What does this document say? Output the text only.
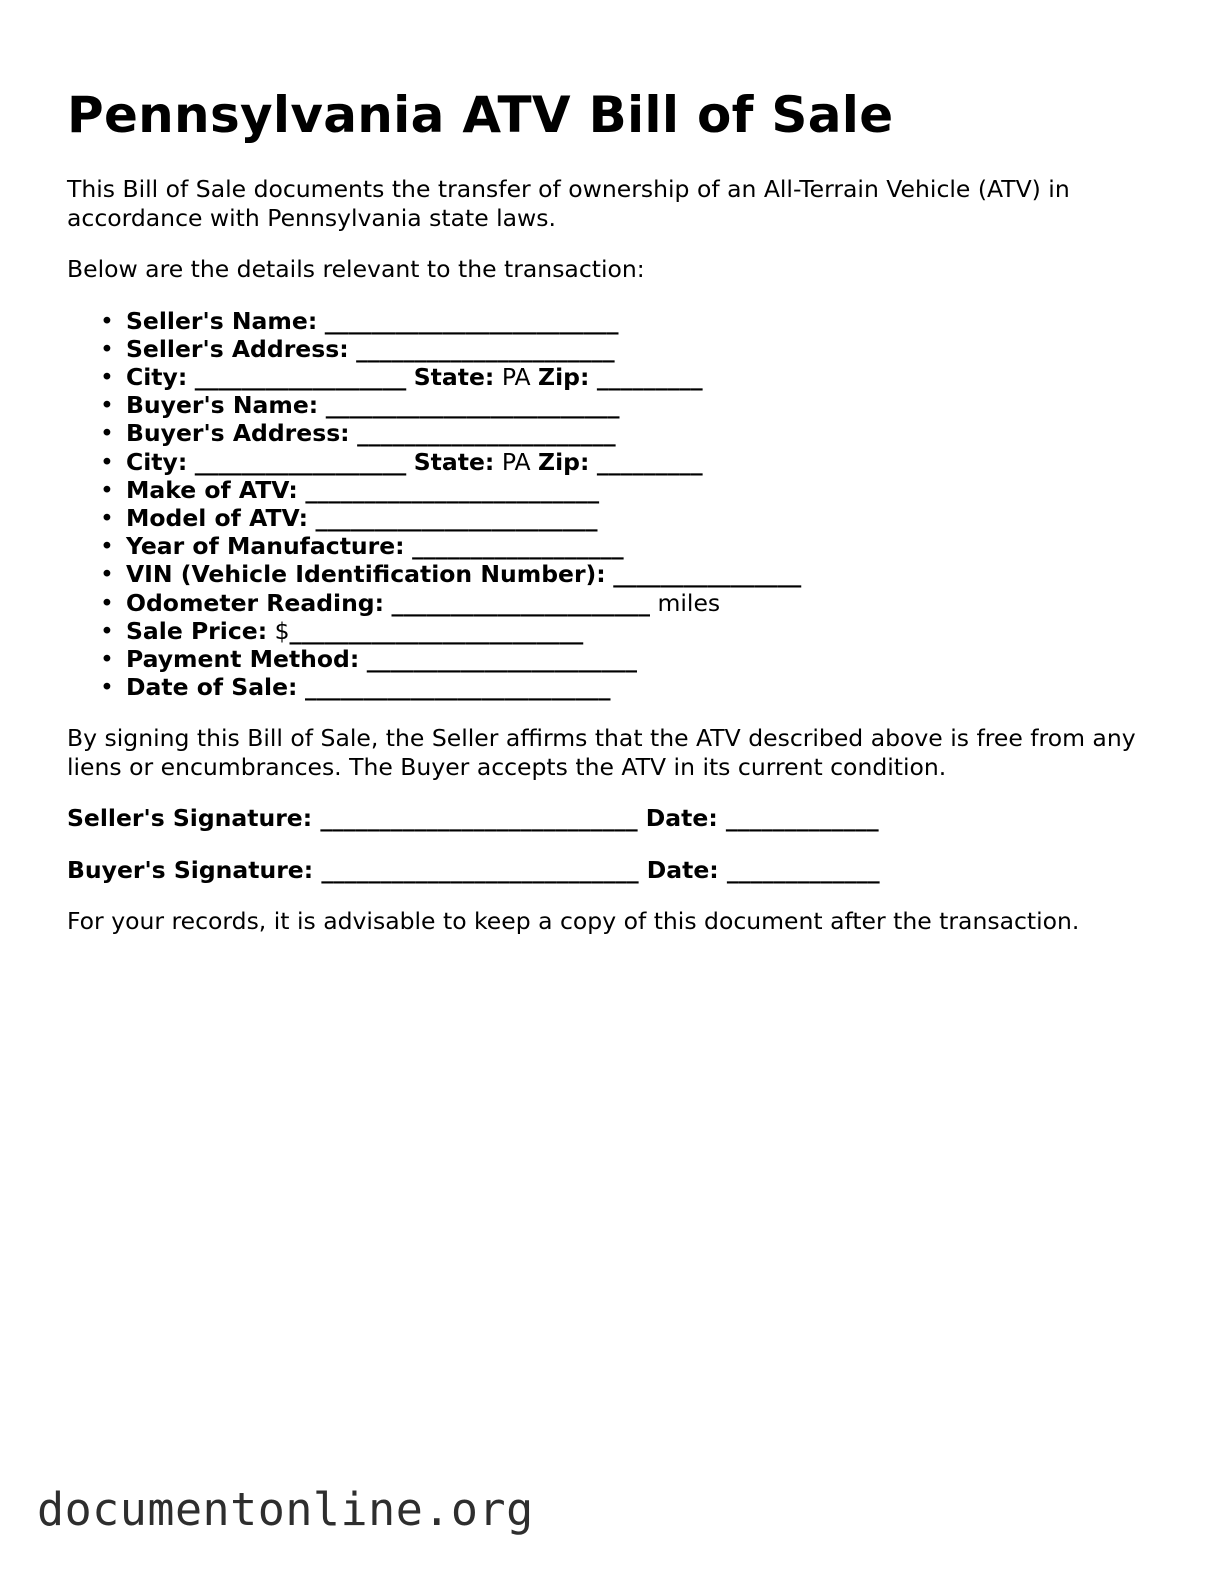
Pennsylvania ATV Bill of Sale

This Bill of Sale documents the transfer of ownership of an All-Terrain Vehicle (ATV) in accordance with Pennsylvania state laws.

Below are the details relevant to the transaction:

• Seller's Name: _________________________
• Seller's Address: ______________________
• City: __________________ State: PA Zip: _________
• Buyer's Name: _________________________
• Buyer's Address: ______________________
• City: __________________ State: PA Zip: _________
• Make of ATV: _________________________
• Model of ATV: ________________________
• Year of Manufacture: __________________
• VIN (Vehicle Identification Number): ________________
• Odometer Reading: ______________________ miles
• Sale Price: $_________________________
• Payment Method: _______________________
• Date of Sale: __________________________

By signing this Bill of Sale, the Seller affirms that the ATV described above is free from any liens or encumbrances. The Buyer accepts the ATV in its current condition.

Seller's Signature: ___________________________ Date: _____________
Buyer's Signature: ___________________________ Date: _____________

For your records, it is advisable to keep a copy of this document after the transaction.

documentonline.org
